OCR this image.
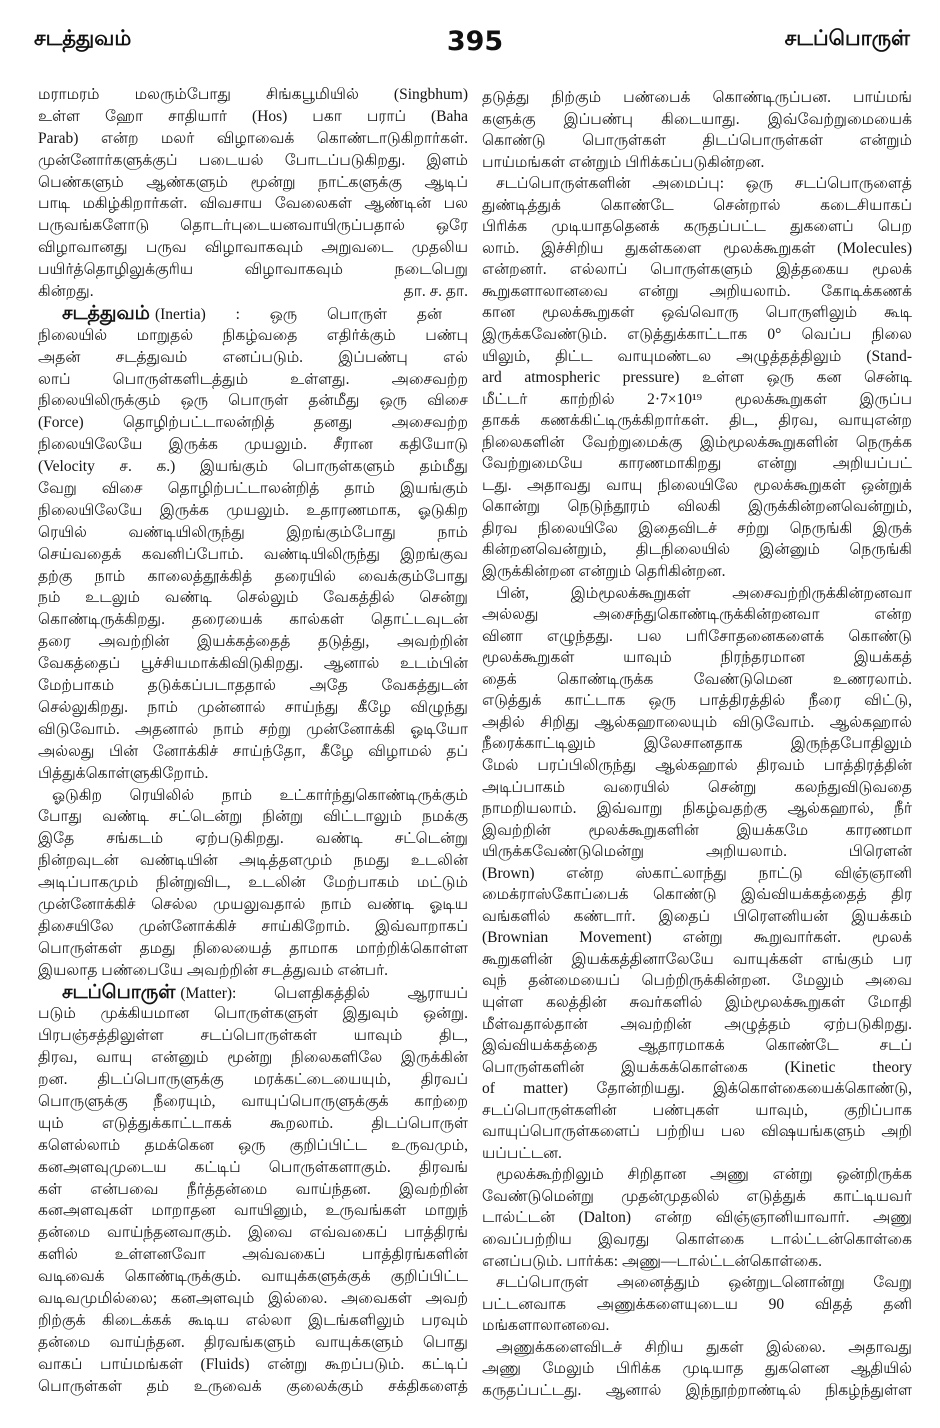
சடத்துவம்	395	சடப்பொருள்
மராமரம் மலரும்போது சிங்கபூமியில் (Singbhum)
உள்ள ஹோ சாதியார் (Hos) பகா பராப் (Baha
Parab) என்ற மலர் விழாவைக் கொண்டாடுகிறார்கள்.
முன்னோர்களுக்குப் படையல் போடப்படுகிறது. இளம்
பெண்களும் ஆண்களும் மூன்று நாட்களுக்கு ஆடிப்
பாடி மகிழ்கிறார்கள். விவசாய வேலைகள் ஆண்டின் பல
பருவங்களோடு தொடர்புடையனவாயிருப்பதால் ஒரே
விழாவானது பருவ விழாவாகவும் அறுவடை முதலிய
பயிர்த்தொழிலுக்குரிய விழாவாகவும் நடைபெறு
கின்றது.	தா. ச. தா.
சடத்துவம் (Inertia) : ஒரு பொருள் தன்
நிலையில் மாறுதல் நிகழ்வதை எதிர்க்கும் பண்பு
அதன் சடத்துவம் எனப்படும். இப்பண்பு எல்
லாப் பொருள்களிடத்தும் உள்ளது. அசைவற்ற
நிலையிலிருக்கும் ஒரு பொருள் தன்மீது ஒரு விசை
(Force) தொழிற்பட்டாலன்றித் தனது அசைவற்ற
நிலையிலேயே இருக்க முயலும். சீரான கதியோடு
(Velocity ச. க.) இயங்கும் பொருள்களும் தம்மீது
வேறு விசை தொழிற்பட்டாலன்றித் தாம் இயங்கும்
நிலையிலேயே இருக்க முயலும். உதாரணமாக, ஓடுகிற
ரெயில் வண்டியிலிருந்து இறங்கும்போது நாம்
செய்வதைக் கவனிப்போம். வண்டியிலிருந்து இறங்குவ
தற்கு நாம் காலைத்தூக்கித் தரையில் வைக்கும்போது
நம் உடலும் வண்டி செல்லும் வேகத்தில் சென்று
கொண்டிருக்கிறது. தரையைக் கால்கள் தொட்டவுடன்
தரை அவற்றின் இயக்கத்தைத் தடுத்து, அவற்றின்
வேகத்தைப் பூச்சியமாக்கிவிடுகிறது. ஆனால் உடம்பின்
மேற்பாகம் தடுக்கப்படாததால் அதே வேகத்துடன்
செல்லுகிறது. நாம் முன்னால் சாய்ந்து கீழே விழுந்து
விடுவோம். அதனால் நாம் சற்று முன்னோக்கி ஓடியோ
அல்லது பின் னோக்கிச் சாய்ந்தோ, கீழே விழாமல் தப்
பித்துக்கொள்ளுகிறோம்.
ஓடுகிற ரெயிலில் நாம் உட்கார்ந்துகொண்டிருக்கும்
போது வண்டி சட்டென்று நின்று விட்டாலும் நமக்கு
இதே சங்கடம் ஏற்படுகிறது. வண்டி சட்டென்று
நின்றவுடன் வண்டியின் அடித்தளமும் நமது உடலின்
அடிப்பாகமும் நின்றுவிட, உடலின் மேற்பாகம் மட்டும்
முன்னோக்கிச் செல்ல முயலுவதால் நாம் வண்டி ஓடிய
திசையிலே முன்னோக்கிச் சாய்கிறோம். இவ்வாறாகப்
பொருள்கள் தமது நிலையைத் தாமாக மாற்றிக்கொள்ள
இயலாத பண்பையே அவற்றின் சடத்துவம் என்பர்.
சடப்பொருள் (Matter): பௌதிகத்தில் ஆராயப்
படும் முக்கியமான பொருள்களுள் இதுவும் ஒன்று.
பிரபஞ்சத்திலுள்ள சடப்பொருள்கள் யாவும் திட,
திரவ, வாயு என்னும் மூன்று நிலைகளிலே இருக்கின்
றன. திடப்பொருளுக்கு மரக்கட்டையையும், திரவப்
பொருளுக்கு நீரையும், வாயுப்பொருளுக்குக் காற்றை
யும் எடுத்துக்காட்டாகக் கூறலாம். திடப்பொருள்
களெல்லாம் தமக்கென ஒரு குறிப்பிட்ட உருவமும்,
கனஅளவுமுடைய கட்டிப் பொருள்களாகும். திரவங்
கள் என்பவை நீர்த்தன்மை வாய்ந்தன. இவற்றின்
கனஅளவுகள் மாறாதன வாயினும், உருவங்கள் மாறுந்
தன்மை வாய்ந்தனவாகும். இவை எவ்வகைப் பாத்திரங்
களில் உள்ளனவோ அவ்வகைப் பாத்திரங்களின்
வடிவைக் கொண்டிருக்கும். வாயுக்களுக்குக் குறிப்பிட்ட
வடிவமுமில்லை; கனஅளவும் இல்லை. அவைகள் அவற்
றிற்குக் கிடைக்கக் கூடிய எல்லா இடங்களிலும் பரவும்
தன்மை வாய்ந்தன. திரவங்களும் வாயுக்களும் பொது
வாகப் பாய்மங்கள் (Fluids) என்று கூறப்படும். கட்டிப்
பொருள்கள் தம் உருவைக் குலைக்கும் சக்திகளைத்
தடுத்து நிற்கும் பண்பைக் கொண்டிருப்பன. பாய்மங்
களுக்கு இப்பண்பு கிடையாது. இவ்வேற்றுமையைக்
கொண்டு பொருள்கள் திடப்பொருள்கள் என்றும்
பாய்மங்கள் என்றும் பிரிக்கப்படுகின்றன.
சடப்பொருள்களின் அமைப்பு: ஒரு சடப்பொருளைத்
துண்டித்துக் கொண்டே சென்றால் கடைசியாகப்
பிரிக்க முடியாததெனக் கருதப்பட்ட துகளைப் பெற
லாம். இச்சிறிய துகள்களை மூலக்கூறுகள் (Molecules)
என்றனர். எல்லாப் பொருள்களும் இத்தகைய மூலக்
கூறுகளாலானவை என்று அறியலாம். கோடிக்கணக்
கான மூலக்கூறுகள் ஒவ்வொரு பொருளிலும் கூடி
இருக்கவேண்டும். எடுத்துக்காட்டாக 0° வெப்ப நிலை
யிலும், திட்ட வாயுமண்டல அழுத்தத்திலும் (Stand-
ard atmospheric pressure) உள்ள ஒரு கன சென்டி
மீட்டர் காற்றில் 2·7×10¹⁹ மூலக்கூறுகள் இருப்ப
தாகக் கணக்கிட்டிருக்கிறார்கள். திட, திரவ, வாயுஎன்ற
நிலைகளின் வேற்றுமைக்கு இம்மூலக்கூறுகளின் நெருக்க
வேற்றுமையே காரணமாகிறது என்று அறியப்பட்
டது. அதாவது வாயு நிலையிலே மூலக்கூறுகள் ஒன்றுக்
கொன்று நெடுந்தூரம் விலகி இருக்கின்றனவென்றும்,
திரவ நிலையிலே இதைவிடச் சற்று நெருங்கி இருக்
கின்றனவென்றும், திடநிலையில் இன்னும் நெருங்கி
இருக்கின்றன என்றும் தெரிகின்றன.
பின், இம்மூலக்கூறுகள் அசைவற்றிருக்கின்றனவா
அல்லது அசைந்துகொண்டிருக்கின்றனவா என்ற
வினா எழுந்தது. பல பரிசோதனைகளைக் கொண்டு
மூலக்கூறுகள் யாவும் நிரந்தரமான இயக்கத்
தைக் கொண்டிருக்க வேண்டுமென உணரலாம்.
எடுத்துக் காட்டாக ஒரு பாத்திரத்தில் நீரை விட்டு,
அதில் சிறிது ஆல்கஹாலையும் விடுவோம். ஆல்கஹால்
நீரைக்காட்டிலும் இலேசானதாக இருந்தபோதிலும்
மேல் பரப்பிலிருந்து ஆல்கஹால் திரவம் பாத்திரத்தின்
அடிப்பாகம் வரையில் சென்று கலந்துவிடுவதை
நாமறியலாம். இவ்வாறு நிகழ்வதற்கு ஆல்கஹால், நீர்
இவற்றின் மூலக்கூறுகளின் இயக்கமே காரணமா
யிருக்கவேண்டுமென்று அறியலாம். பிரௌன்
(Brown) என்ற ஸ்காட்லாந்து நாட்டு விஞ்ஞானி
மைக்ராஸ்கோப்பைக் கொண்டு இவ்வியக்கத்தைத் திர
வங்களில் கண்டார். இதைப் பிரௌனியன் இயக்கம்
(Brownian Movement) என்று கூறுவார்கள். மூலக்
கூறுகளின் இயக்கத்தினாலேயே வாயுக்கள் எங்கும் பர
வுந் தன்மையைப் பெற்றிருக்கின்றன. மேலும் அவை
யுள்ள கலத்தின் சுவர்களில் இம்மூலக்கூறுகள் மோதி
மீள்வதால்தான் அவற்றின் அழுத்தம் ஏற்படுகிறது.
இவ்வியக்கத்தை ஆதாரமாகக் கொண்டே சடப்
பொருள்களின் இயக்கக்கொள்கை (Kinetic theory
of matter) தோன்றியது. இக்கொள்கையைக்கொண்டு,
சடப்பொருள்களின் பண்புகள் யாவும், குறிப்பாக
வாயுப்பொருள்களைப் பற்றிய பல விஷயங்களும் அறி
யப்பட்டன.
மூலக்கூற்றிலும் சிறிதான அணு என்று ஒன்றிருக்க
வேண்டுமென்று முதன்முதலில் எடுத்துக் காட்டியவர்
டால்ட்டன் (Dalton) என்ற விஞ்ஞானியாவார். அணு
வைப்பற்றிய இவரது கொள்கை டால்ட்டன்கொள்கை
எனப்படும். பார்க்க: அணு—டால்ட்டன்கொள்கை.
சடப்பொருள் அனைத்தும் ஒன்றுடனொன்று வேறு
பட்டனவாக அணுக்களையுடைய 90 விதத் தனி
மங்களாலானவை.
அணுக்களைவிடச் சிறிய துகள் இல்லை. அதாவது
அணு மேலும் பிரிக்க முடியாத துகளென ஆதியில்
கருதப்பட்டது. ஆனால் இந்நூற்றாண்டில் நிகழ்ந்துள்ள
